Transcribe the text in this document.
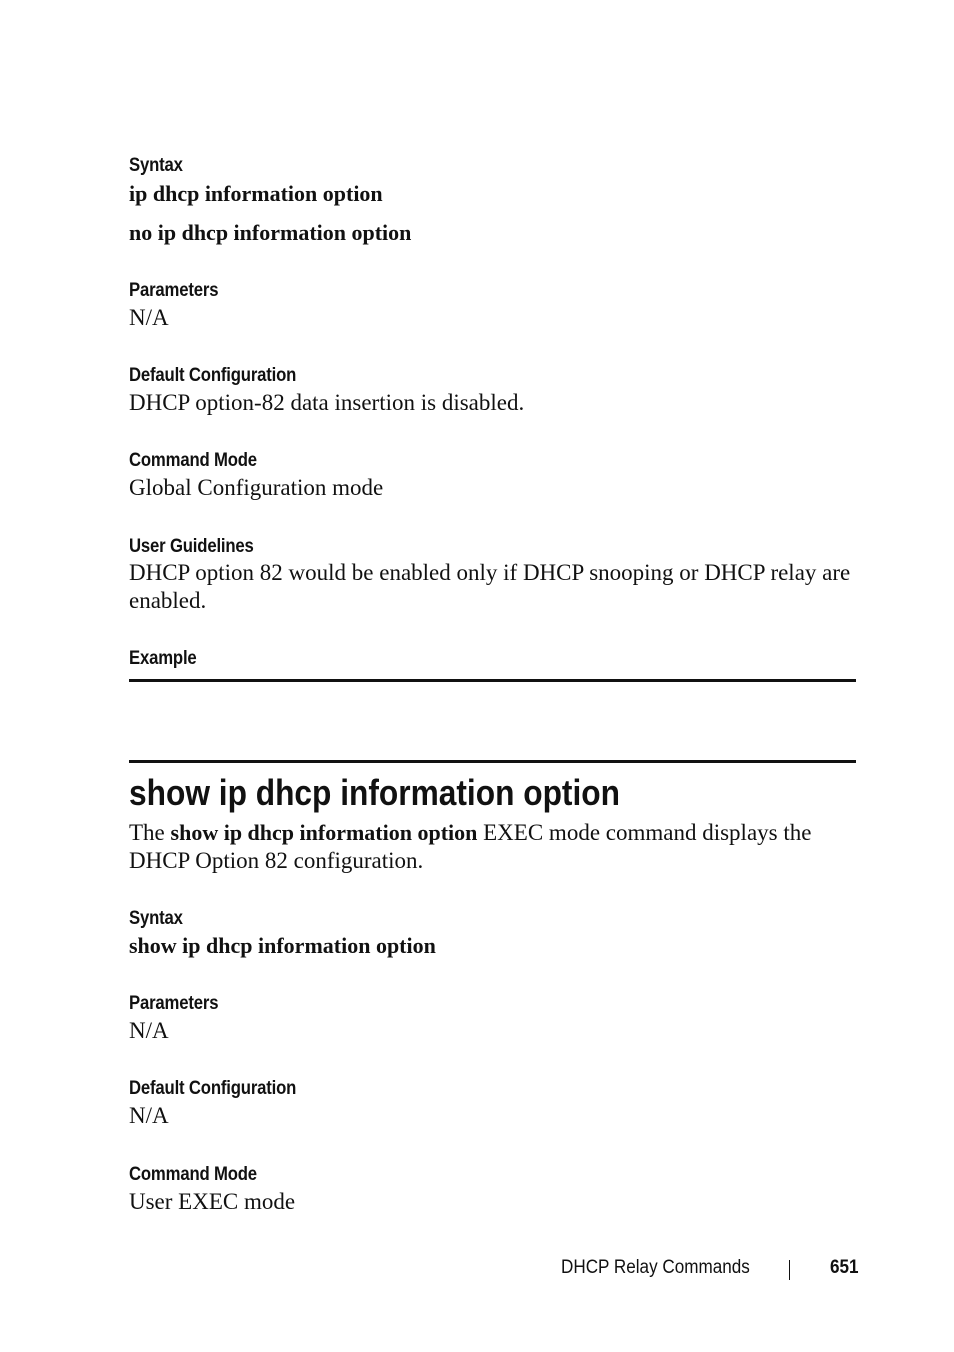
Syntax
ip dhcp information option
no ip dhcp information option
Parameters
N/A
Default Configuration
DHCP option-82 data insertion is disabled.
Command Mode
Global Configuration mode
User Guidelines
DHCP option 82 would be enabled only if DHCP snooping or DHCP relay are enabled.
Example
show ip dhcp information option
The show ip dhcp information option EXEC mode command displays the DHCP Option 82 configuration.
Syntax
show ip dhcp information option
Parameters
N/A
Default Configuration
N/A
Command Mode
User EXEC mode
DHCP Relay Commands	651
